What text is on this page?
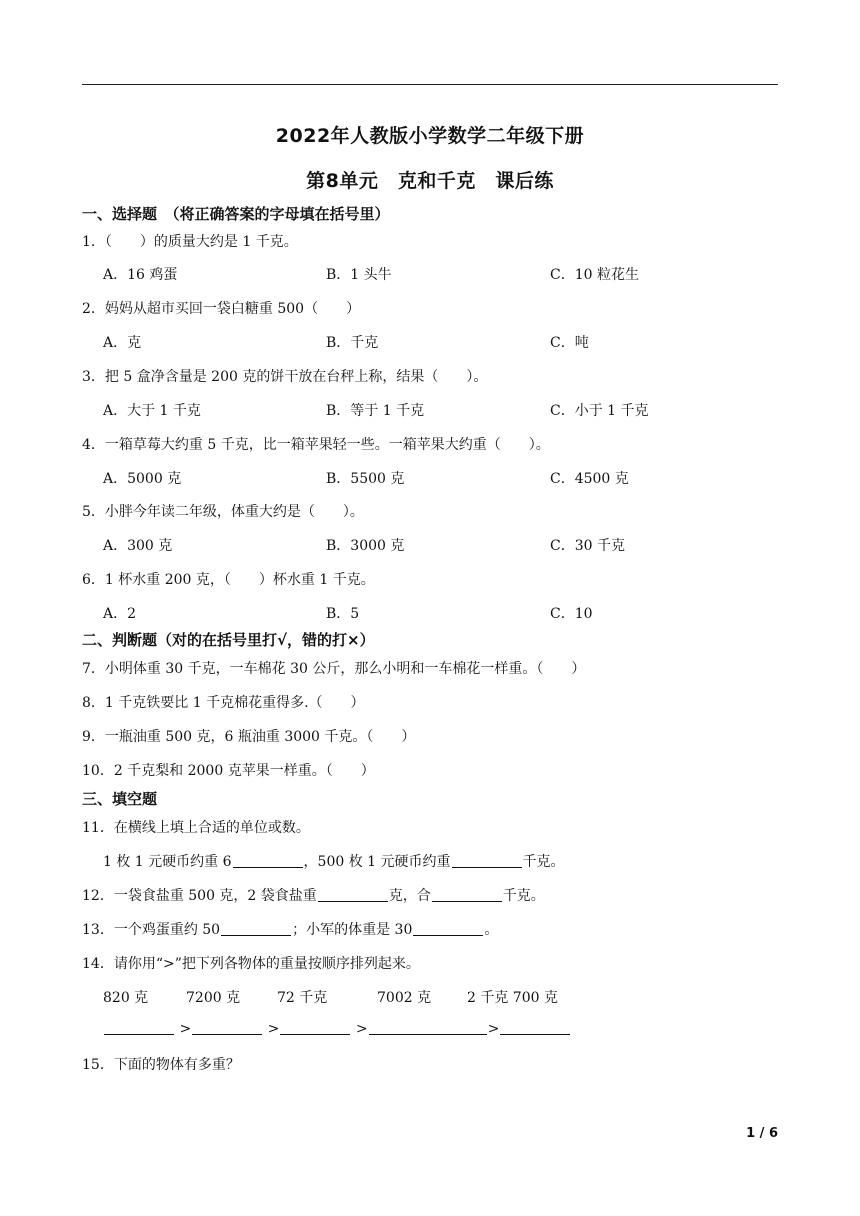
2022年人教版小学数学二年级下册
第8单元　克和千克　课后练
一、选择题　（将正确答案的字母填在括号里）
1．（　　）的质量大约是 1 千克。
A．16 鸡蛋	B．1 头牛	C．10 粒花生
2．妈妈从超市买回一袋白糖重 500（　　）
A．克	B．千克	C．吨
3．把 5 盒净含量是 200 克的饼干放在台秤上称，结果（　　）。
A．大于 1 千克	B．等于 1 千克	C．小于 1 千克
4．一箱草莓大约重 5 千克，比一箱苹果轻一些。一箱苹果大约重（　　）。
A．5000 克	B．5500 克	C．4500 克
5．小胖今年读二年级，体重大约是（　　）。
A．300 克	B．3000 克	C．30 千克
6．1 杯水重 200 克，（　　）杯水重 1 千克。
A．2	B．5	C．10
二、判断题（对的在括号里打√，错的打×）
7．小明体重 30 千克，一车棉花 30 公斤，那么小明和一车棉花一样重。（　　）
8．1 千克铁要比 1 千克棉花重得多.（　　）
9．一瓶油重 500 克，6 瓶油重 3000 千克。（　　）
10．2 千克梨和 2000 克苹果一样重。（　　）
三、填空题
11．在横线上填上合适的单位或数。
1 枚 1 元硬币约重 6	，500 枚 1 元硬币约重	千克。
12．一袋食盐重 500 克，2 袋食盐重	克，合	千克。
13．一个鸡蛋重约 50	；小军的体重是 30	。
14．请你用“>”把下列各物体的重量按顺序排列起来。
820 克	7200 克	72 千克	7002 克	2 千克 700 克
>	>	>	>
15．下面的物体有多重？
1 / 6
